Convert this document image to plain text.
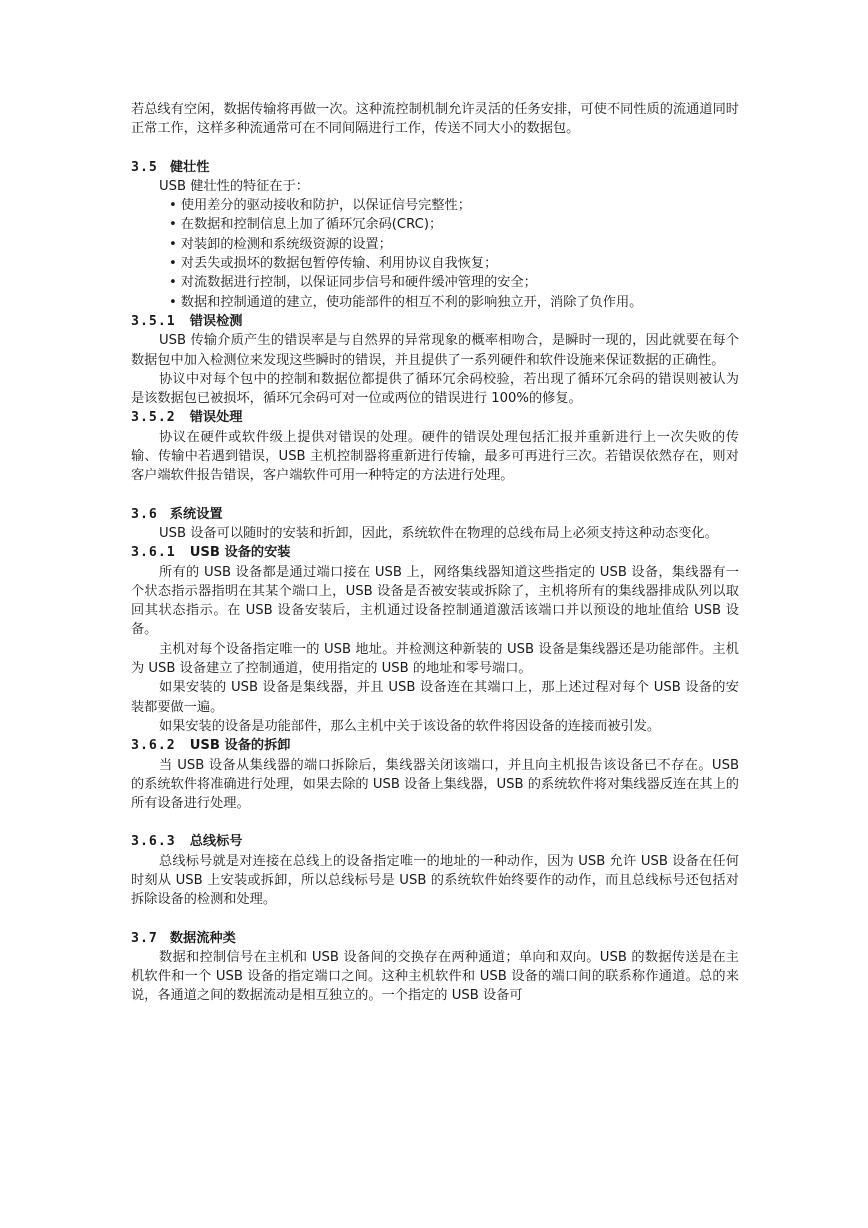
若总线有空闲，数据传输将再做一次。这种流控制机制允许灵活的任务安排，可使不同性质的流通道同时正常工作，这样多种流通常可在不同间隔进行工作，传送不同大小的数据包。

3.5 健壮性

USB 健壮性的特征在于：

• 使用差分的驱动接收和防护，以保证信号完整性；
• 在数据和控制信息上加了循环冗余码(CRC)；
• 对装卸的检测和系统级资源的设置；
• 对丢失或损坏的数据包暂停传输、利用协议自我恢复；
• 对流数据进行控制，以保证同步信号和硬件缓冲管理的安全；
• 数据和控制通道的建立，使功能部件的相互不利的影响独立开，消除了负作用。
3.5.1 错误检测

USB 传输介质产生的错误率是与自然界的异常现象的概率相吻合，是瞬时一现的，因此就要在每个数据包中加入检测位来发现这些瞬时的错误，并且提供了一系列硬件和软件设施来保证数据的正确性。

协议中对每个包中的控制和数据位都提供了循环冗余码校验，若出现了循环冗余码的错误则被认为是该数据包已被损坏，循环冗余码可对一位或两位的错误进行 100%的修复。

3.5.2 错误处理

协议在硬件或软件级上提供对错误的处理。硬件的错误处理包括汇报并重新进行上一次失败的传输、传输中若遇到错误，USB 主机控制器将重新进行传输，最多可再进行三次。若错误依然存在，则对客户端软件报告错误，客户端软件可用一种特定的方法进行处理。

3.6 系统设置

USB 设备可以随时的安装和折卸，因此，系统软件在物理的总线布局上必须支持这种动态变化。

3.6.1 USB 设备的安装

所有的 USB 设备都是通过端口接在 USB 上，网络集线器知道这些指定的 USB 设备，集线器有一个状态指示器指明在其某个端口上，USB 设备是否被安装或拆除了，主机将所有的集线器排成队列以取回其状态指示。在 USB 设备安装后，主机通过设备控制通道激活该端口并以预设的地址值给 USB 设备。

主机对每个设备指定唯一的 USB 地址。并检测这种新装的 USB 设备是集线器还是功能部件。主机为 USB 设备建立了控制通道，使用指定的 USB 的地址和零号端口。

如果安装的 USB 设备是集线器，并且 USB 设备连在其端口上，那上述过程对每个 USB 设备的安装都要做一遍。

如果安装的设备是功能部件，那么主机中关于该设备的软件将因设备的连接而被引发。

3.6.2 USB 设备的拆卸

当 USB 设备从集线器的端口拆除后，集线器关闭该端口，并且向主机报告该设备已不存在。USB 的系统软件将准确进行处理，如果去除的 USB 设备上集线器，USB 的系统软件将对集线器反连在其上的所有设备进行处理。

3.6.3 总线标号

总线标号就是对连接在总线上的设备指定唯一的地址的一种动作，因为 USB 允许 USB 设备在任何时刻从 USB 上安装或拆卸，所以总线标号是 USB 的系统软件始终要作的动作，而且总线标号还包括对拆除设备的检测和处理。

3.7 数据流种类

数据和控制信号在主机和 USB 设备间的交换存在两种通道；单向和双向。USB 的数据传送是在主机软件和一个 USB 设备的指定端口之间。这种主机软件和 USB 设备的端口间的联系称作通道。总的来说，各通道之间的数据流动是相互独立的。一个指定的 USB 设备可
